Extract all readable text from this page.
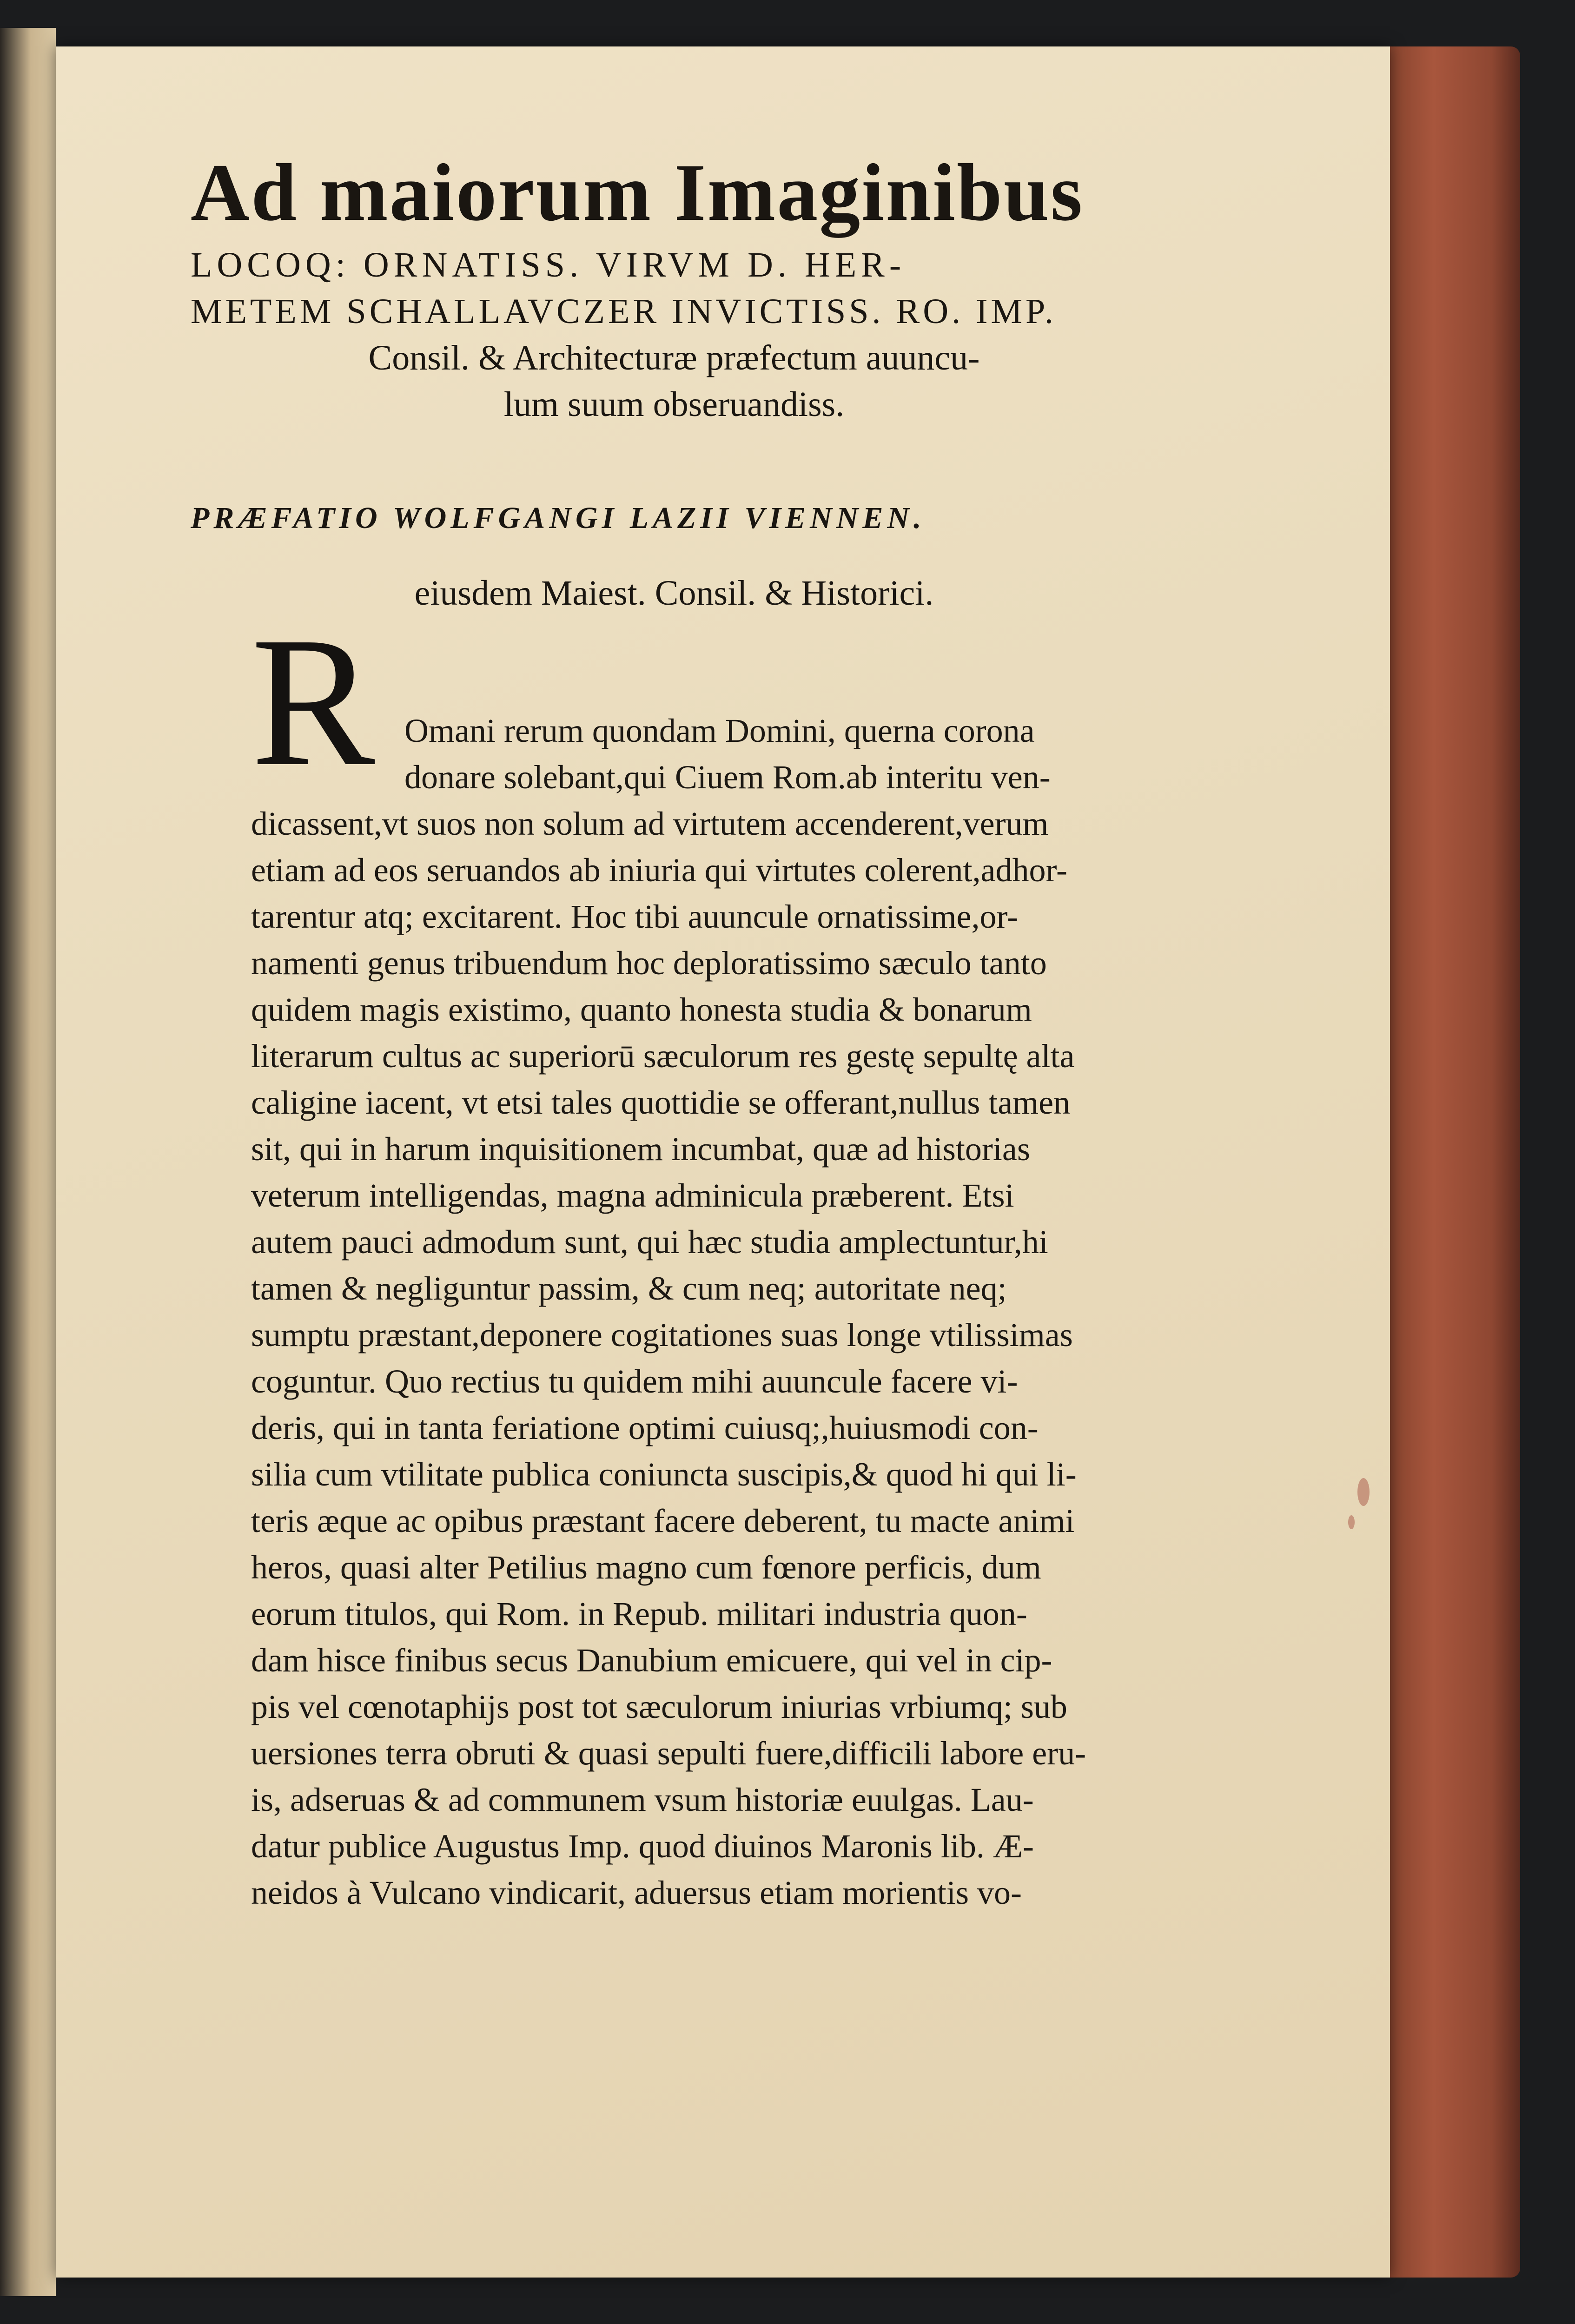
Ad maiorum Imaginibus

LOCOQ: ORNATISS. VIRVM D. HER-

METEM SCHALLAVCZER INVICTISS. RO. IMP.

Consil. & Architecturæ præfectum auuncu-

lum suum obseruandiss.

PRÆFATIO WOLFGANGI LAZII VIENNEN.

eiusdem Maiest. Consil. & Historici.

R Omani rerum quondam Domini, querna corona
donare solebant,qui Ciuem Rom.ab interitu ven-
dicassent,vt suos non solum ad virtutem accenderent,verum
etiam ad eos seruandos ab iniuria qui virtutes colerent,adhor-
tarentur atq; excitarent. Hoc tibi auuncule ornatissime,or-
namenti genus tribuendum hoc deploratissimo sæculo tanto
quidem magis existimo, quanto honesta studia & bonarum
literarum cultus ac superiorū sæculorum res gestę sepultę alta
caligine iacent, vt etsi tales quottidie se offerant,nullus tamen
sit, qui in harum inquisitionem incumbat, quæ ad historias
veterum intelligendas, magna adminicula præberent. Etsi
autem pauci admodum sunt, qui hæc studia amplectuntur,hi
tamen & negliguntur passim, & cum neq; autoritate neq;
sumptu præstant,deponere cogitationes suas longe vtilissimas
coguntur. Quo rectius tu quidem mihi auuncule facere vi-
deris, qui in tanta feriatione optimi cuiusq;,huiusmodi con-
silia cum vtilitate publica coniuncta suscipis,& quod hi qui li-
teris æque ac opibus præstant facere deberent, tu macte animi
heros, quasi alter Petilius magno cum fœnore perficis, dum
eorum titulos, qui Rom. in Repub. militari industria quon-
dam hisce finibus secus Danubium emicuere, qui vel in cip-
pis vel cœnotaphijs post tot sæculorum iniurias vrbiumq; sub
uersiones terra obruti & quasi sepulti fuere,difficili labore eru-
is, adseruas & ad communem vsum historiæ euulgas. Lau-
datur publice Augustus Imp. quod diuinos Maronis lib. Æ-
neidos à Vulcano vindicarit, aduersus etiam morientis vo-
